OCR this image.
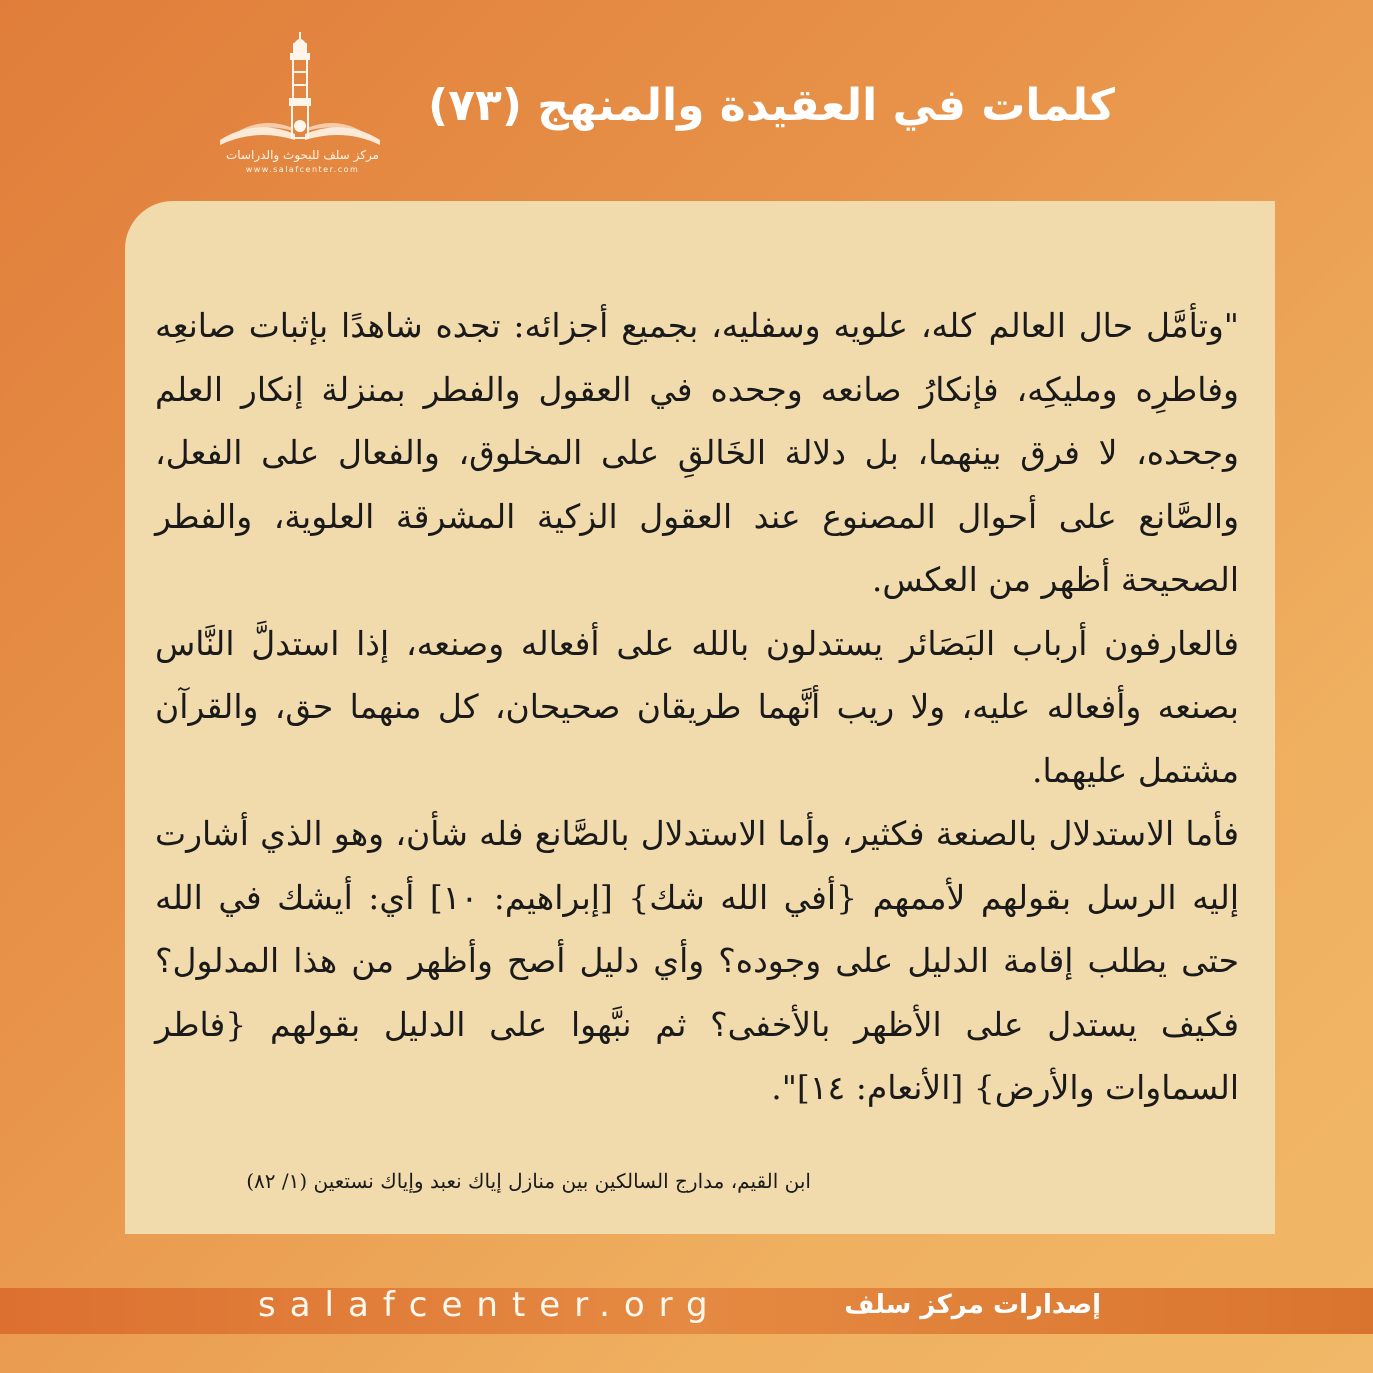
مركز سلف للبحوث والدراسات
www.salafcenter.com
كلمات في العقيدة والمنهج (٧٣)

"وتأمَّل حال العالم كله، علويه وسفليه، بجميع أجزائه: تجده شاهدًا بإثبات صانعِه وفاطرِه ومليكِه، فإنكارُ صانعه وجحده في العقول والفطر بمنزلة إنكار العلم وجحده، لا فرق بينهما، بل دلالة الخَالقِ على المخلوق، والفعال على الفعل، والصَّانع على أحوال المصنوع عند العقول الزكية المشرقة العلوية، والفطر الصحيحة أظهر من العكس.

فالعارفون أرباب البَصَائر يستدلون بالله على أفعاله وصنعه، إذا استدلَّ النَّاس بصنعه وأفعاله عليه، ولا ريب أنَّهما طريقان صحيحان، كل منهما حق، والقرآن مشتمل عليهما.

فأما الاستدلال بالصنعة فكثير، وأما الاستدلال بالصَّانع فله شأن، وهو الذي أشارت إليه الرسل بقولهم لأممهم {أفي الله شك} [إبراهيم: ١٠] أي: أيشك في الله حتى يطلب إقامة الدليل على وجوده؟ وأي دليل أصح وأظهر من هذا المدلول؟ فكيف يستدل على الأظهر بالأخفى؟ ثم نبَّهوا على الدليل بقولهم {فاطر السماوات والأرض} [الأنعام: ١٤]".

ابن القيم، مدارج السالكين بين منازل إياك نعبد وإياك نستعين (١/ ٨٢)
salafcenter.org	إصدارات مركز سلف
